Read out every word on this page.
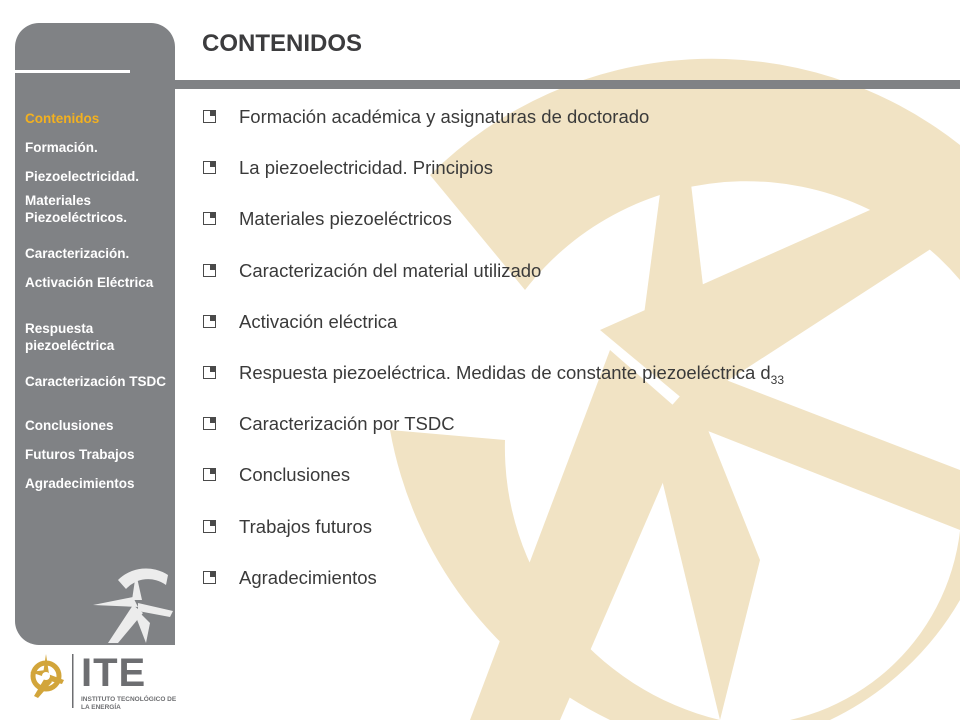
CONTENIDOS
Contenidos
Formación.
Piezoelectricidad.
Materiales Piezoeléctricos.
Caracterización.
Activación Eléctrica
Respuesta piezoeléctrica
Caracterización TSDC
Conclusiones
Futuros Trabajos
Agradecimientos
Formación académica y asignaturas de doctorado
La piezoelectricidad. Principios
Materiales piezoeléctricos
Caracterización del material utilizado
Activación eléctrica
Respuesta piezoeléctrica. Medidas de constante piezoeléctrica $d_{33}$
Caracterización por TSDC
Conclusiones
Trabajos futuros
Agradecimientos
ITE
INSTITUTO TECNOLÓGICO DE
LA ENERGÍA
